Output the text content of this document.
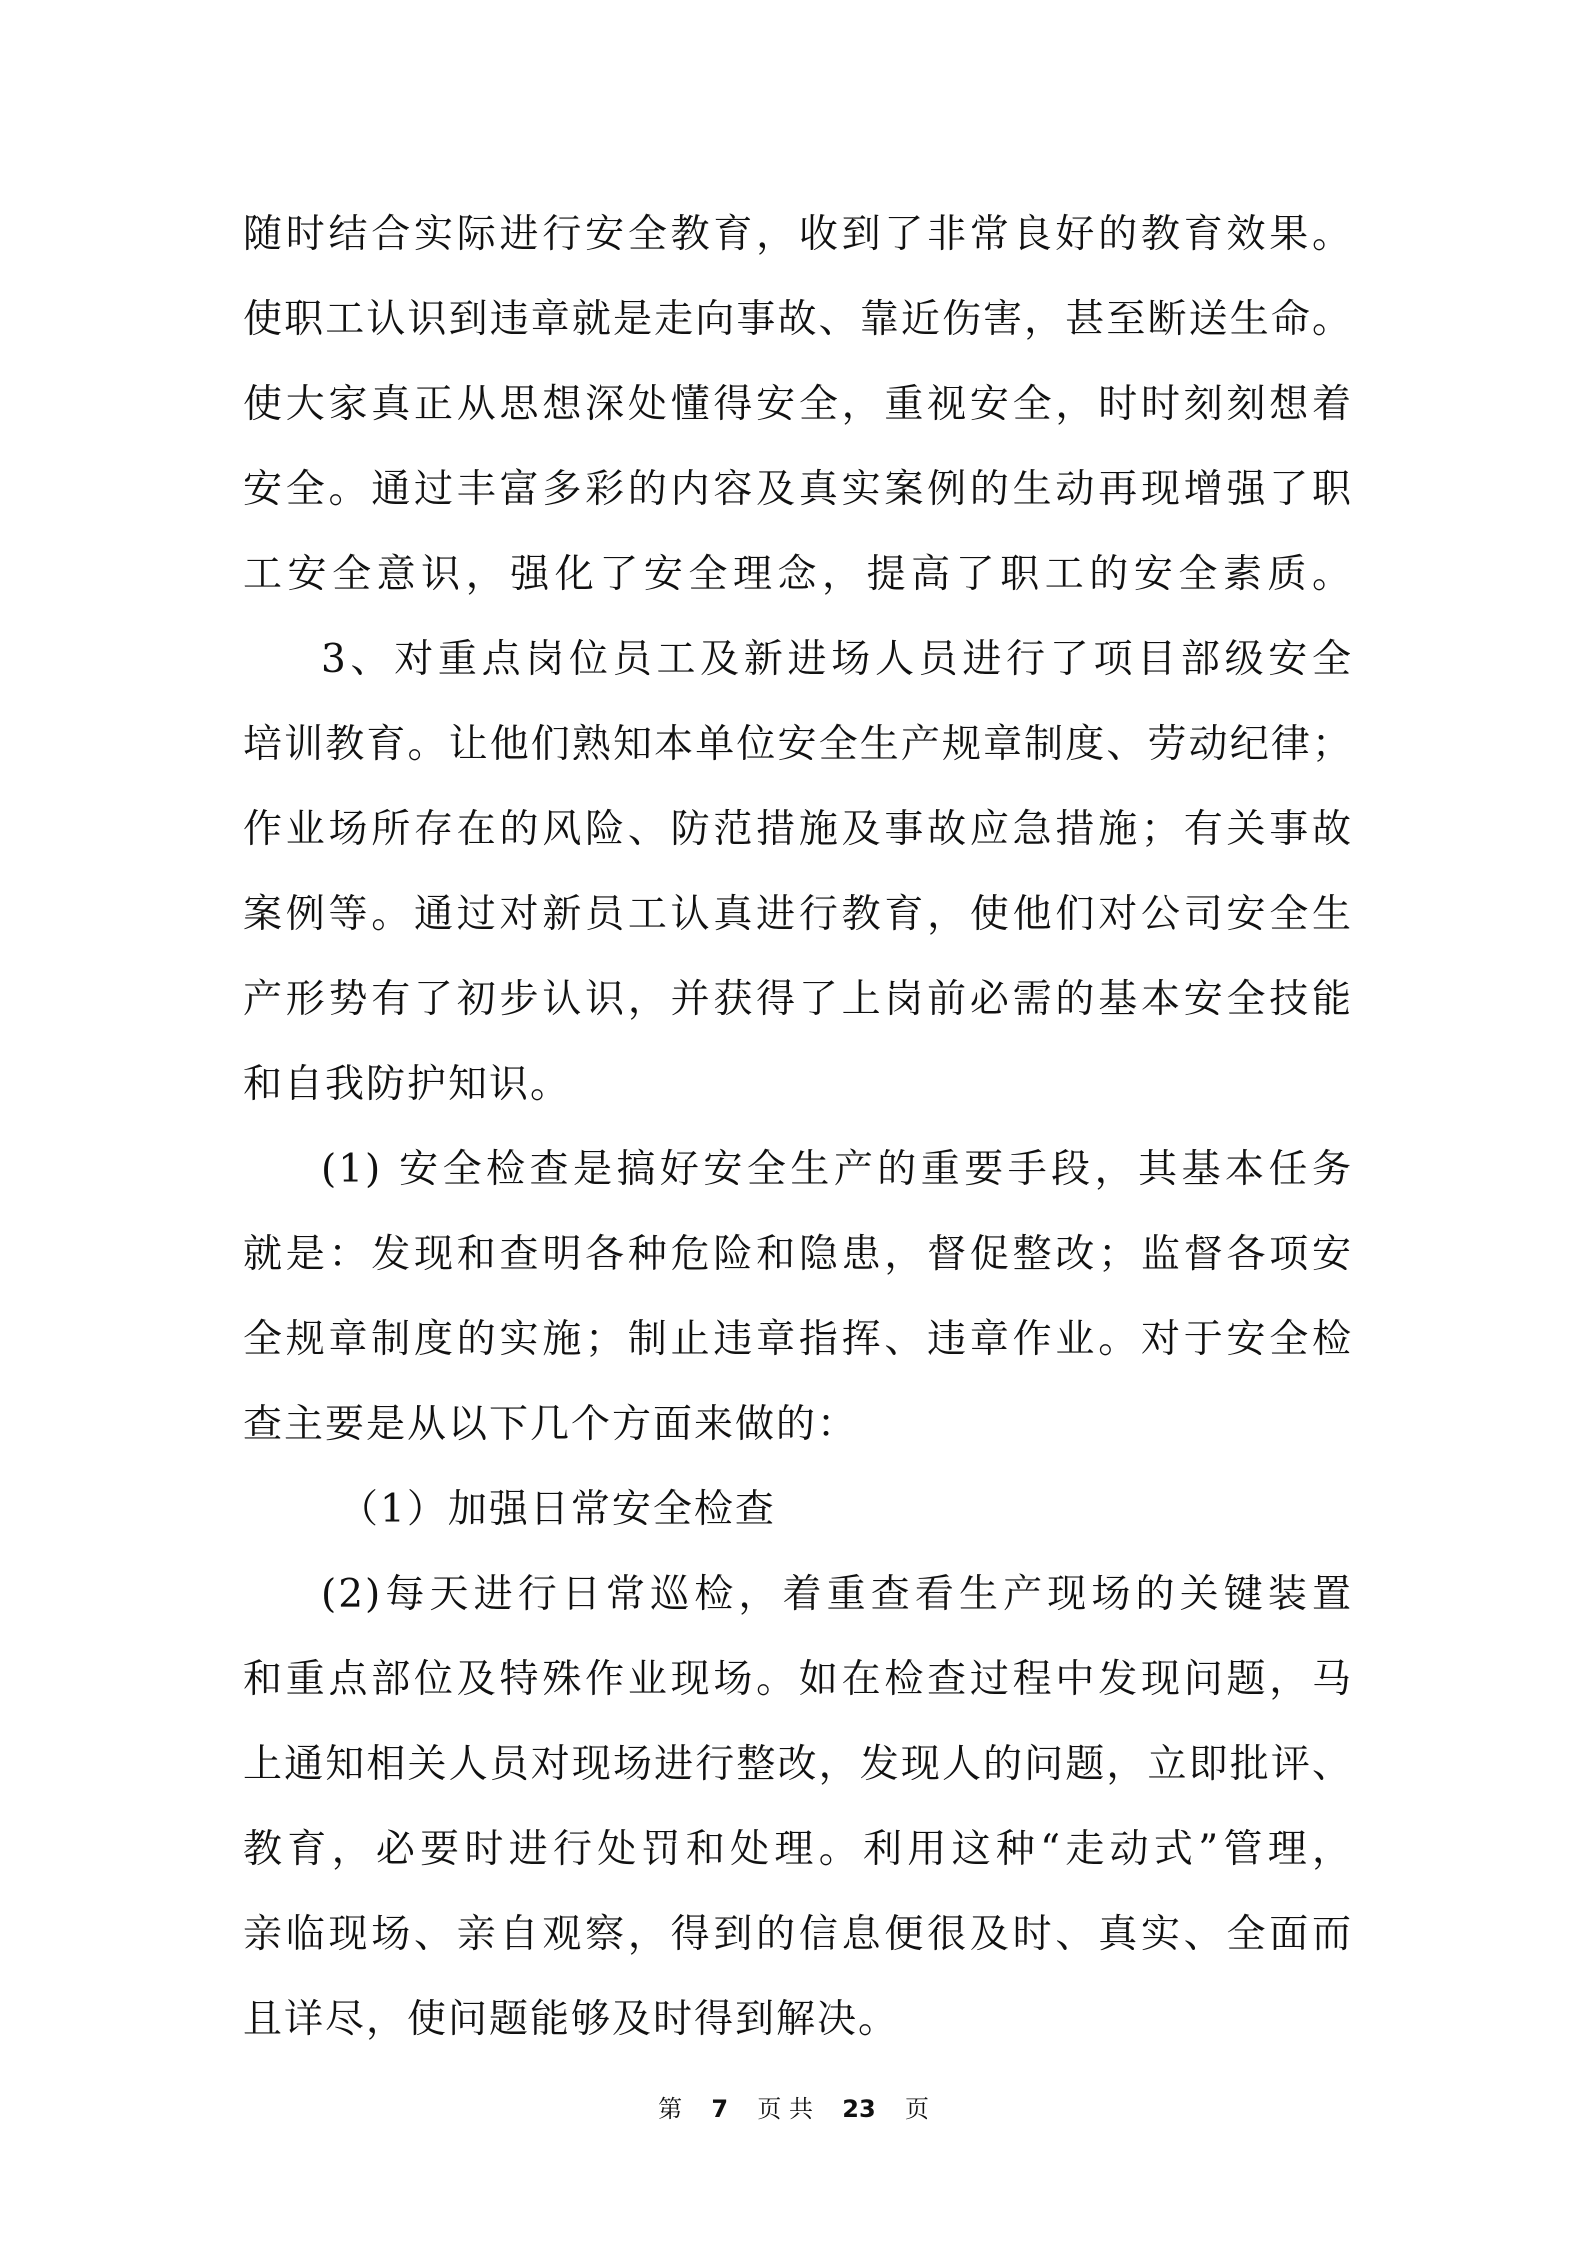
随时结合实际进行安全教育，收到了非常良好的教育效果。
使职工认识到违章就是走向事故、靠近伤害，甚至断送生命。
使大家真正从思想深处懂得安全，重视安全，时时刻刻想着
安全。通过丰富多彩的内容及真实案例的生动再现增强了职
工安全意识，强化了安全理念，提高了职工的安全素质。
3、对重点岗位员工及新进场人员进行了项目部级安全
培训教育。让他们熟知本单位安全生产规章制度、劳动纪律；
作业场所存在的风险、防范措施及事故应急措施；有关事故
案例等。通过对新员工认真进行教育，使他们对公司安全生
产形势有了初步认识，并获得了上岗前必需的基本安全技能
和自我防护知识。
(1) 安全检查是搞好安全生产的重要手段，其基本任务
就是：发现和查明各种危险和隐患，督促整改；监督各项安
全规章制度的实施；制止违章指挥、违章作业。对于安全检
查主要是从以下几个方面来做的：
（1）加强日常安全检查
(2)每天进行日常巡检，着重查看生产现场的关键装置
和重点部位及特殊作业现场。如在检查过程中发现问题，马
上通知相关人员对现场进行整改，发现人的问题，立即批评、
教育，必要时进行处罚和处理。利用这种“走动式”管理，
亲临现场、亲自观察，得到的信息便很及时、真实、全面而
且详尽，使问题能够及时得到解决。
第 7 页 共 23 页
